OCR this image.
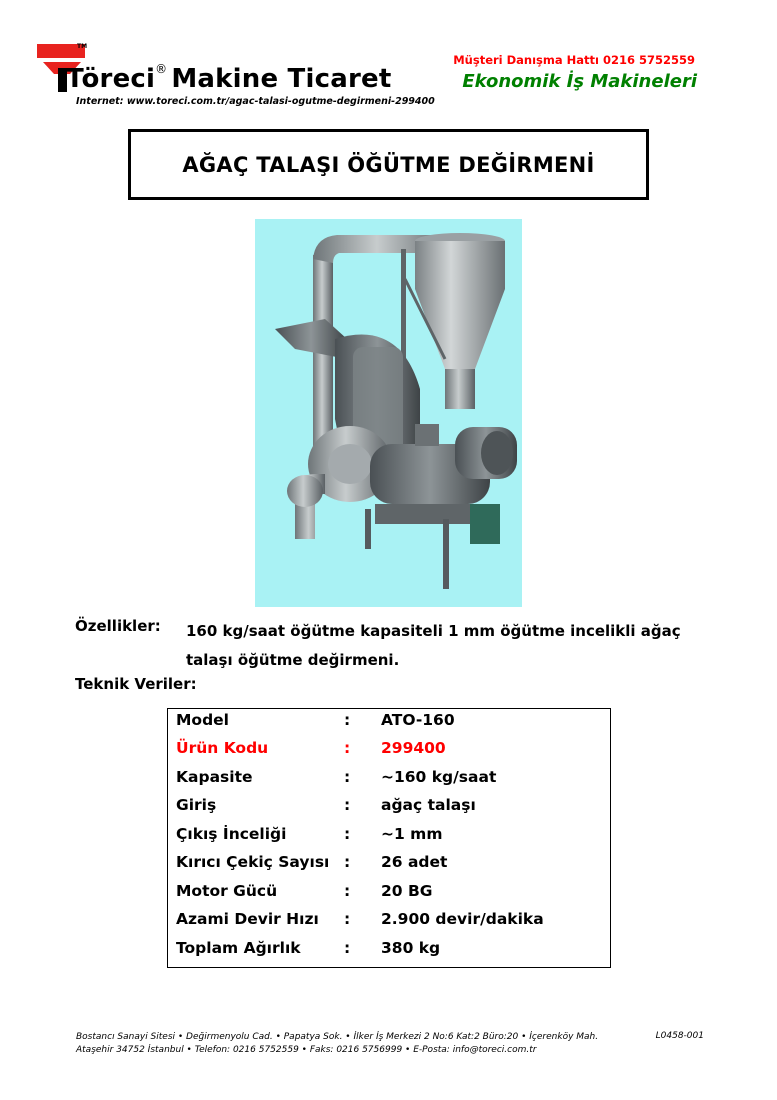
TM
Töreci® Makine Ticaret
Internet: www.toreci.com.tr/agac-talasi-ogutme-degirmeni-299400
Müşteri Danışma Hattı 0216 5752559
Ekonomik İş Makineleri
AĞAÇ TALAŞI ÖĞÜTME DEĞİRMENİ
Özellikler: 160 kg/saat öğütme kapasiteli 1 mm öğütme incelikli ağaç talaşı öğütme değirmeni.
Teknik Veriler:
Model	: ATO-160
Ürün Kodu	: 299400
Kapasite	: ~160 kg/saat
Giriş	: ağaç talaşı
Çıkış İnceliği	: ~1 mm
Kırıcı Çekiç Sayısı : 26 adet
Motor Gücü	: 20 BG
Azami Devir Hızı : 2.900 devir/dakika
Toplam Ağırlık	: 380 kg
Bostancı Sanayi Sitesi • Değirmenyolu Cad. • Papatya Sok. • İlker İş Merkezi 2 No:6 Kat:2 Büro:20 • İçerenköy Mah.
Ataşehir 34752 İstanbul • Telefon: 0216 5752559 • Faks: 0216 5756999 • E-Posta: info@toreci.com.tr
L0458-001
